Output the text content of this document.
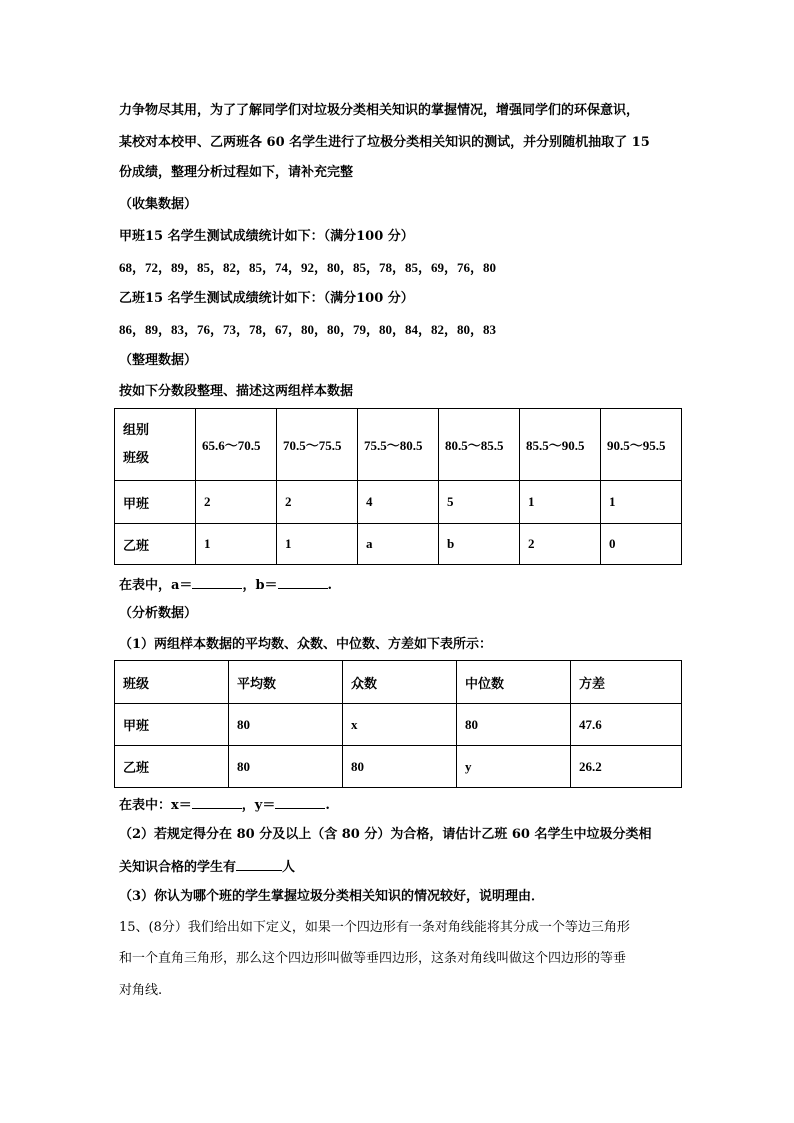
力争物尽其用，为了了解同学们对垃圾分类相关知识的掌握情况，增强同学们的环保意识，
某校对本校甲、乙两班各 60 名学生进行了垃极分类相关知识的测试，并分别随机抽取了 15
份成绩，整理分析过程如下，请补充完整
（收集数据）
甲班15 名学生测试成绩统计如下：（满分100 分）
68，72，89，85，82，85，74，92，80，85，78，85，69，76，80
乙班15 名学生测试成绩统计如下：（满分100 分）
86，89，83，76，73，78，67，80，80，79，80，84，82，80，83
（整理数据）
按如下分数段整理、描述这两组样本数据
组别
班级	65.6～70.5	70.5～75.5	75.5～80.5	80.5～85.5	85.5～90.5	90.5～95.5
甲班	2	2	4	5	1	1
乙班	1	1	a	b	2	0
在表中，a＝	，b＝	.
（分析数据）
（1）两组样本数据的平均数、众数、中位数、方差如下表所示：
班级	平均数	众数	中位数	方差
甲班	80	x	80	47.6
乙班	80	80	y	26.2
在表中：x＝	，y＝	.
（2）若规定得分在 80 分及以上（含 80 分）为合格，请估计乙班 60 名学生中垃圾分类相
关知识合格的学生有	人
（3）你认为哪个班的学生掌握垃圾分类相关知识的情况较好，说明理由．
15、(8分）我们给出如下定义，如果一个四边形有一条对角线能将其分成一个等边三角形
和一个直角三角形，那么这个四边形叫做等垂四边形，这条对角线叫做这个四边形的等垂
对角线.
